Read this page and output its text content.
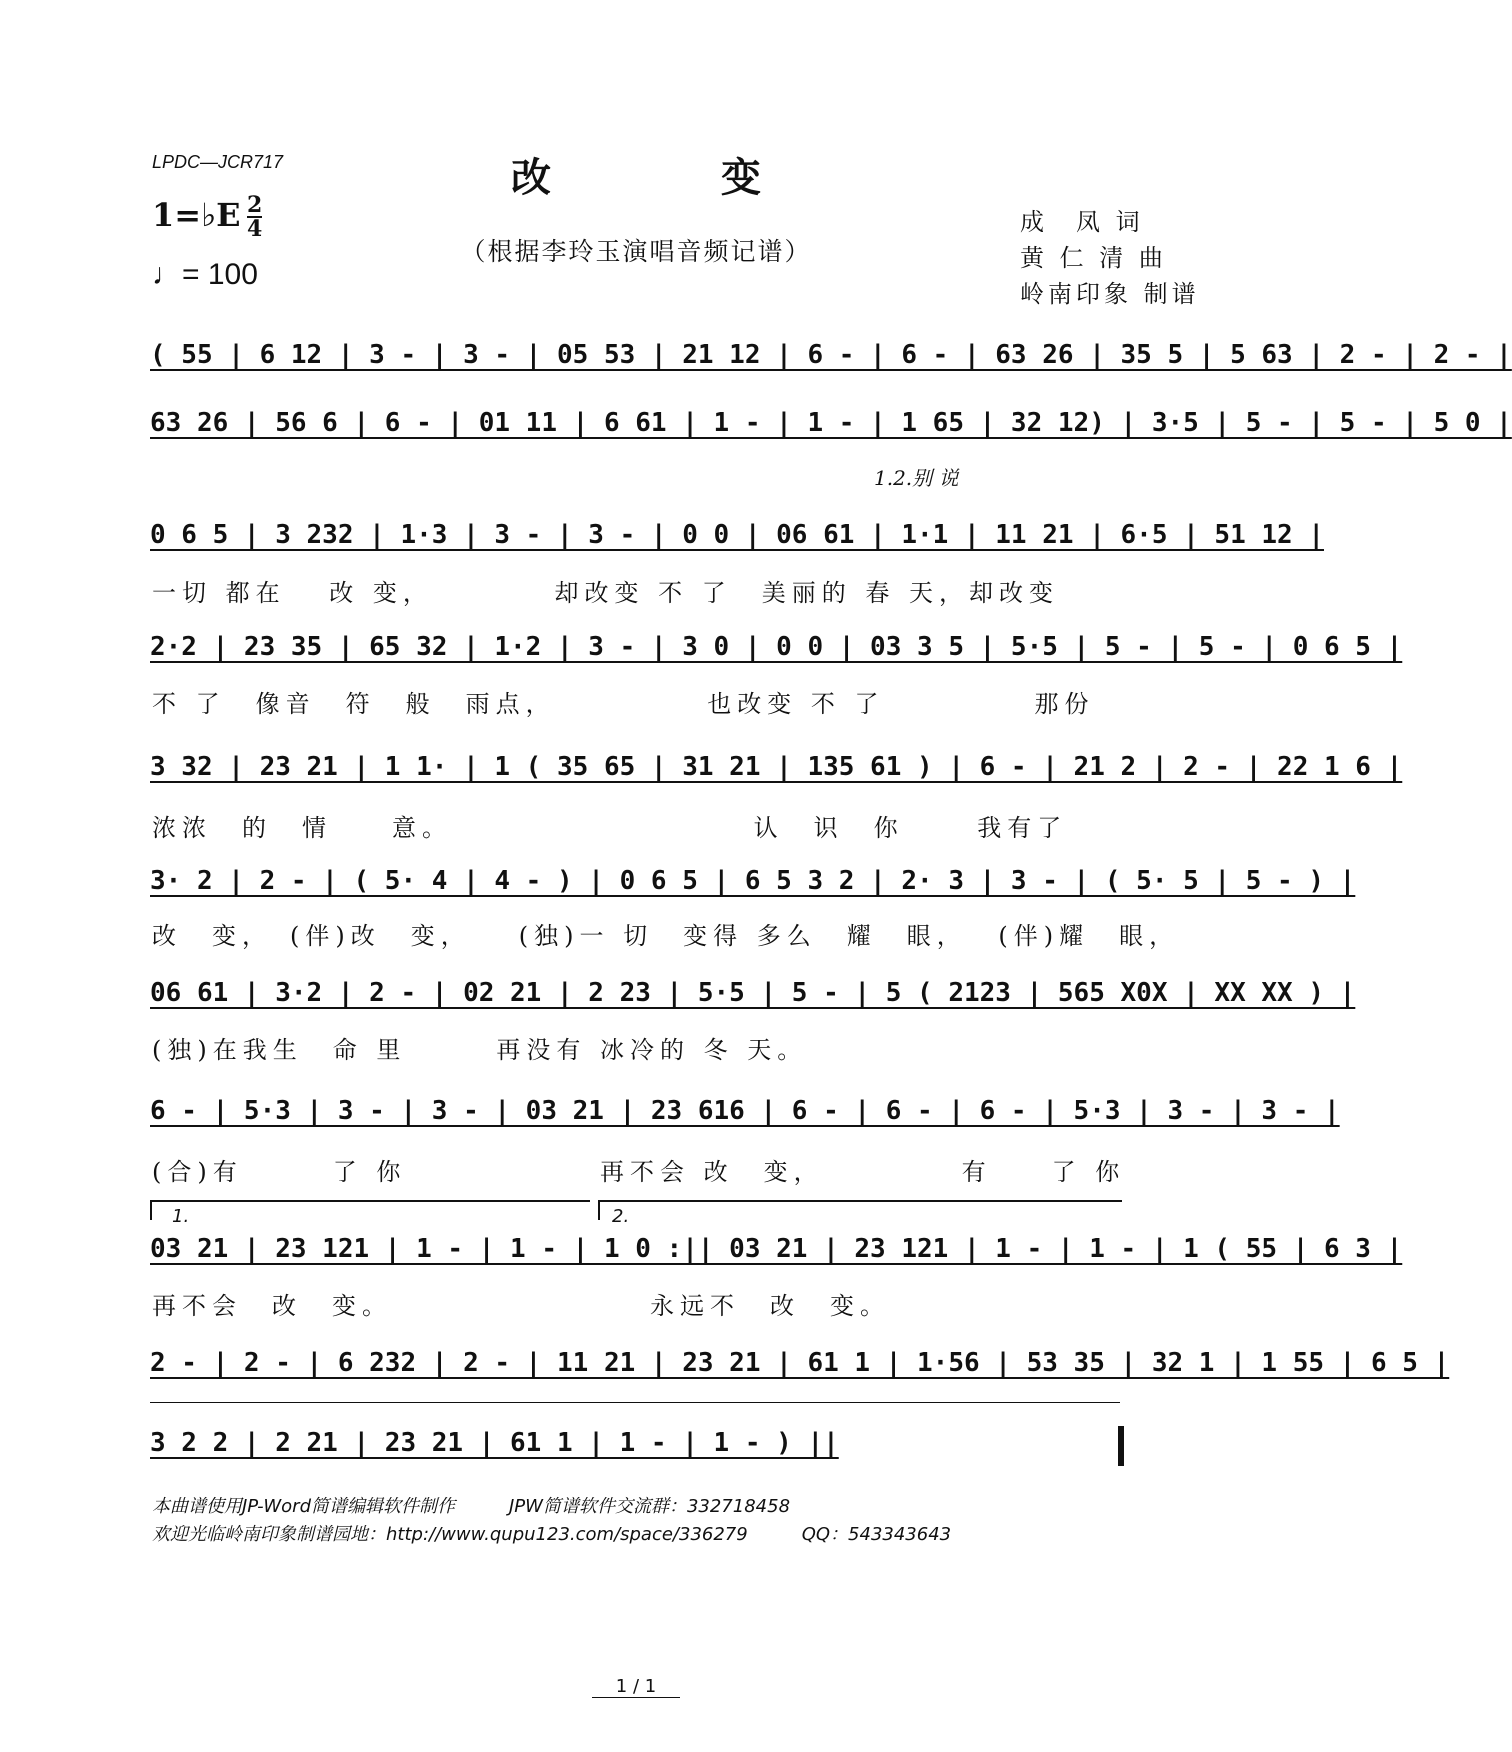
LPDC—JCR717	改 变
（根据李玲玉演唱音频记谱）
1=♭E 2
4
♩= 100
成　凤 词
黄 仁 清 曲
岭南印象 制谱
( 55 | 6 12 | 3 - | 3 - | 05 53 | 21 12 | 6 - | 6 - | 63 26 | 35 5 | 5 63 | 2 - | 2 - |
63 26 | 56 6 | 6 - | 01 11 | 6 61 | 1 - | 1 - | 1 65 | 32 12) | 3·5 | 5 - | 5 - | 5 0 |
1.2.别 说
0 6 5 | 3 232 | 1·3 | 3 - | 3 - | 0 0 | 06 61 | 1·1 | 11 21 | 6·5 | 51 12 |
一切 都在　 改 变，　　　　 却改变 不 了　美丽的 春 天，却改变
2·2 | 23 35 | 65 32 | 1·2 | 3 - | 3 0 | 0 0 | 03 3 5 | 5·5 | 5 - | 5 - | 0 6 5 |
不 了　像音　符　般　雨点，　　　　　 也改变 不 了　　　　　那份
3 32 | 23 21 | 1 1· | 1 ( 35 65 | 31 21 | 135 61 ) | 6 - | 21 2 | 2 - | 22 1 6 |
浓浓　的　情　　意。　　　　　　　　　　 认　识　你　　 我有了
3· 2 | 2 - | ( 5· 4 | 4 - ) | 0 6 5 | 6 5 3 2 | 2· 3 | 3 - | ( 5· 5 | 5 - ) |
改　变，　(伴)改　变，　　(独)一 切　变得 多么　耀　眼，　 (伴)耀　眼，
06 61 | 3·2 | 2 - | 02 21 | 2 23 | 5·5 | 5 - | 5 ( 2123 | 565 X0X | XX XX ) |
(独)在我生　命 里　　　再没有 冰冷的 冬 天。
6 - | 5·3 | 3 - | 3 - | 03 21 | 23 616 | 6 - | 6 - | 6 - | 5·3 | 3 - | 3 - |
(合)有　　　了 你　　　　　　 再不会 改　变，　　　　　有　　了 你
1.	2.
03 21 | 23 121 | 1 - | 1 - | 1 0 :|| 03 21 | 23 121 | 1 - | 1 - | 1 ( 55 | 6 3 |
再不会　改　变。　　　　　　　　　永远不　改　变。
2 - | 2 - | 6 232 | 2 - | 11 21 | 23 21 | 61 1 | 1·56 | 53 35 | 32 1 | 1 55 | 6 5 |
3 2 2 | 2 21 | 23 21 | 61 1 | 1 - | 1 - ) ||
本曲谱使用JP-Word简谱编辑软件制作　　　JPW简谱软件交流群：332718458
欢迎光临岭南印象制谱园地：http://www.qupu123.com/space/336279　　　QQ：543343643
1 / 1
